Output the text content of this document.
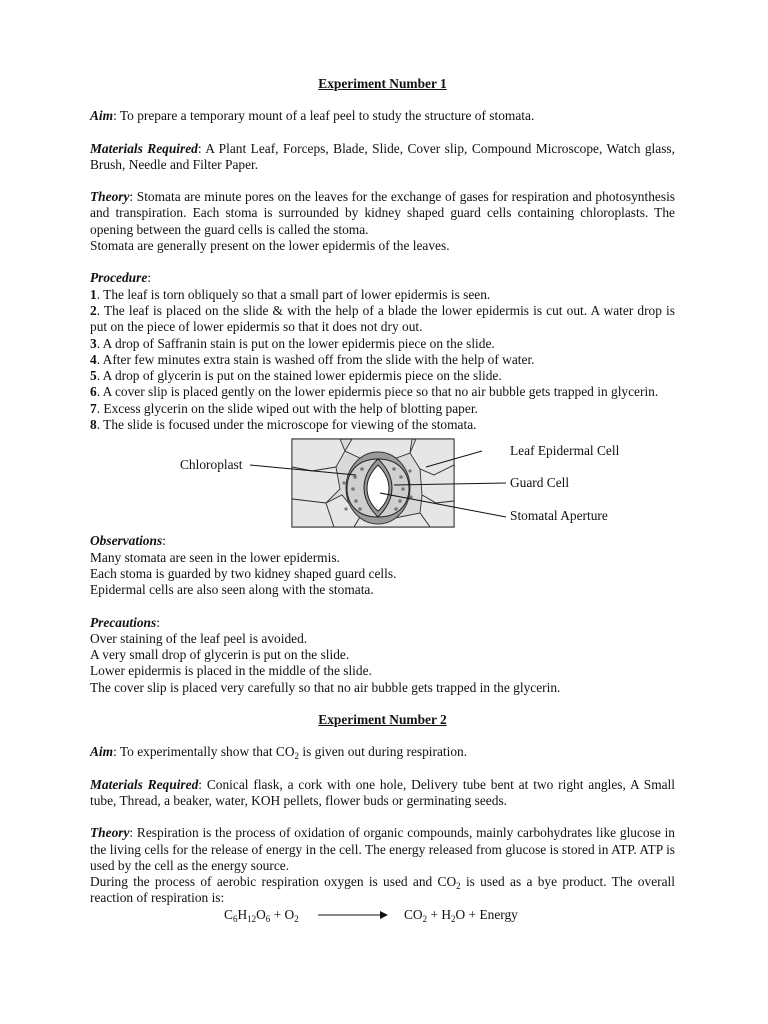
Experiment Number 1

Aim: To prepare a temporary mount of a leaf peel to study the structure of stomata.

Materials Required: A Plant Leaf, Forceps, Blade, Slide, Cover slip, Compound Microscope, Watch glass, Brush, Needle and Filter Paper.

Theory: Stomata are minute pores on the leaves for the exchange of gases for respiration and photosynthesis and transpiration. Each stoma is surrounded by kidney shaped guard cells containing chloroplasts. The opening between the guard cells is called the stoma.

Stomata are generally present on the lower epidermis of the leaves.

Procedure:

1. The leaf is torn obliquely so that a small part of lower epidermis is seen.

2. The leaf is placed on the slide & with the help of a blade the lower epidermis is cut out. A water drop is put on the piece of lower epidermis so that it does not dry out.

3. A drop of Saffranin stain is put on the lower epidermis piece on the slide.

4. After few minutes extra stain is washed off from the slide with the help of water.

5. A drop of glycerin is put on the stained lower epidermis piece on the slide.

6. A cover slip is placed gently on the lower epidermis piece so that no air bubble gets trapped in glycerin.

7. Excess glycerin on the slide wiped out with the help of blotting paper.

8. The slide is focused under the microscope for viewing of the stomata.

Chloroplast
Leaf Epidermal Cell
Guard Cell
Stomatal Aperture

Observations:

Many stomata are seen in the lower epidermis.

Each stoma is guarded by two kidney shaped guard cells.

Epidermal cells are also seen along with the stomata.

Precautions:

Over staining of the leaf peel is avoided.

A very small drop of glycerin is put on the slide.

Lower epidermis is placed in the middle of the slide.

The cover slip is placed very carefully so that no air bubble gets trapped in the glycerin.

Experiment Number 2

Aim: To experimentally show that $CO_2$ is given out during respiration.

Materials Required: Conical flask, a cork with one hole, Delivery tube bent at two right angles, A Small tube, Thread, a beaker, water, KOH pellets, flower buds or germinating seeds.

Theory: Respiration is the process of oxidation of organic compounds, mainly carbohydrates like glucose in the living cells for the release of energy in the cell. The energy released from glucose is stored in ATP. ATP is used by the cell as the energy source.

During the process of aerobic respiration oxygen is used and $CO_2$ is used as a bye product. The overall reaction of respiration is:

$C_6H_{12}O_6 + O_2$	$CO_2 + H_2O$ + Energy
